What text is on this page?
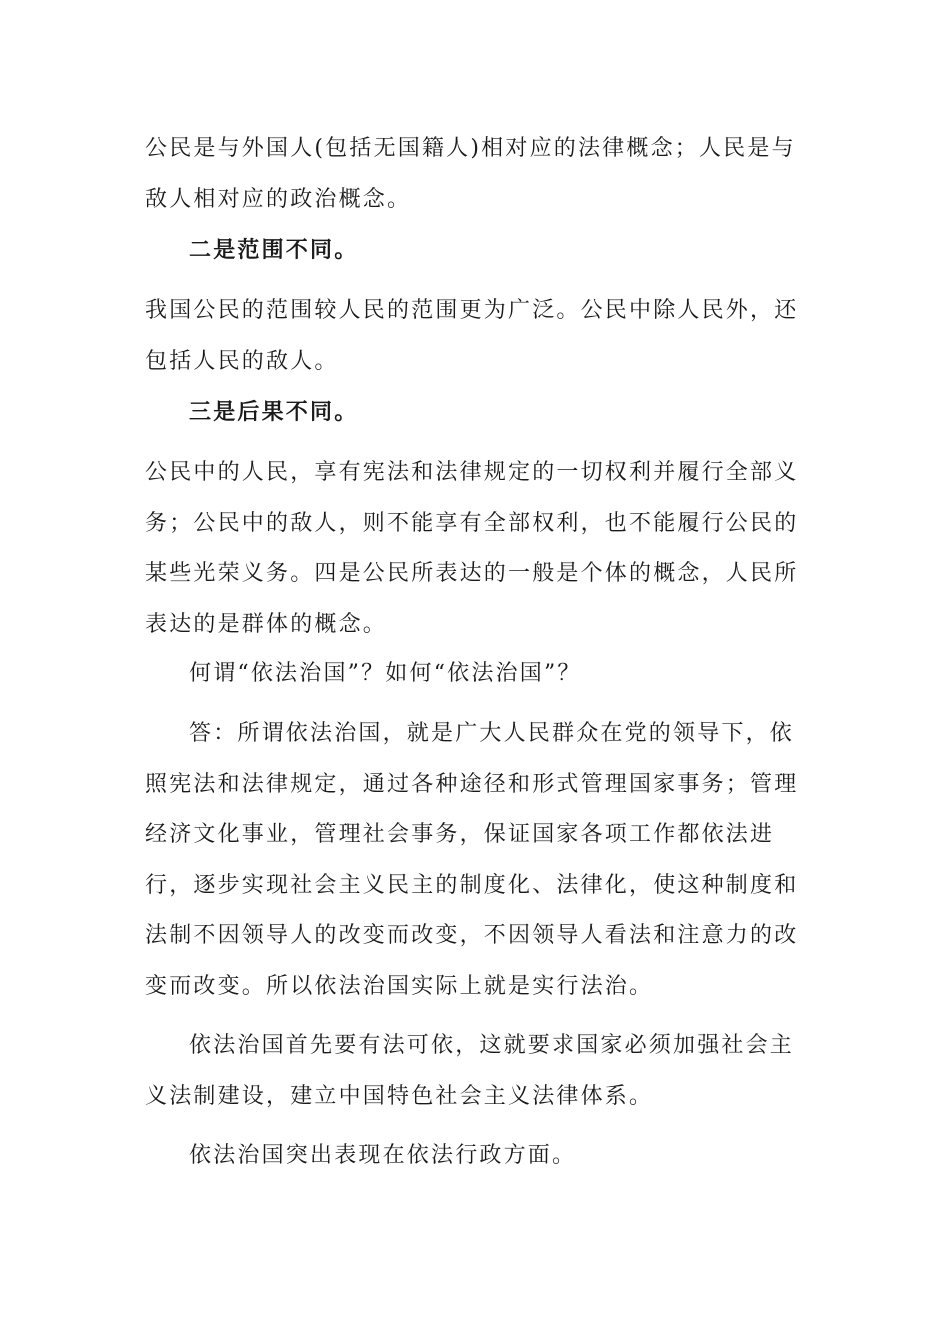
公民是与外国人(包括无国籍人)相对应的法律概念；人民是与敌人相对应的政治概念。

二是范围不同。

我国公民的范围较人民的范围更为广泛。公民中除人民外，还包括人民的敌人。

三是后果不同。

公民中的人民，享有宪法和法律规定的一切权利并履行全部义务；公民中的敌人，则不能享有全部权利，也不能履行公民的某些光荣义务。四是公民所表达的一般是个体的概念，人民所表达的是群体的概念。

何谓“依法治国”？如何“依法治国”？

答：所谓依法治国，就是广大人民群众在党的领导下，依照宪法和法律规定，通过各种途径和形式管理国家事务；管理经济文化事业，管理社会事务，保证国家各项工作都依法进行，逐步实现社会主义民主的制度化、法律化，使这种制度和法制不因领导人的改变而改变，不因领导人看法和注意力的改变而改变。所以依法治国实际上就是实行法治。

依法治国首先要有法可依，这就要求国家必须加强社会主义法制建设，建立中国特色社会主义法律体系。

依法治国突出表现在依法行政方面。
